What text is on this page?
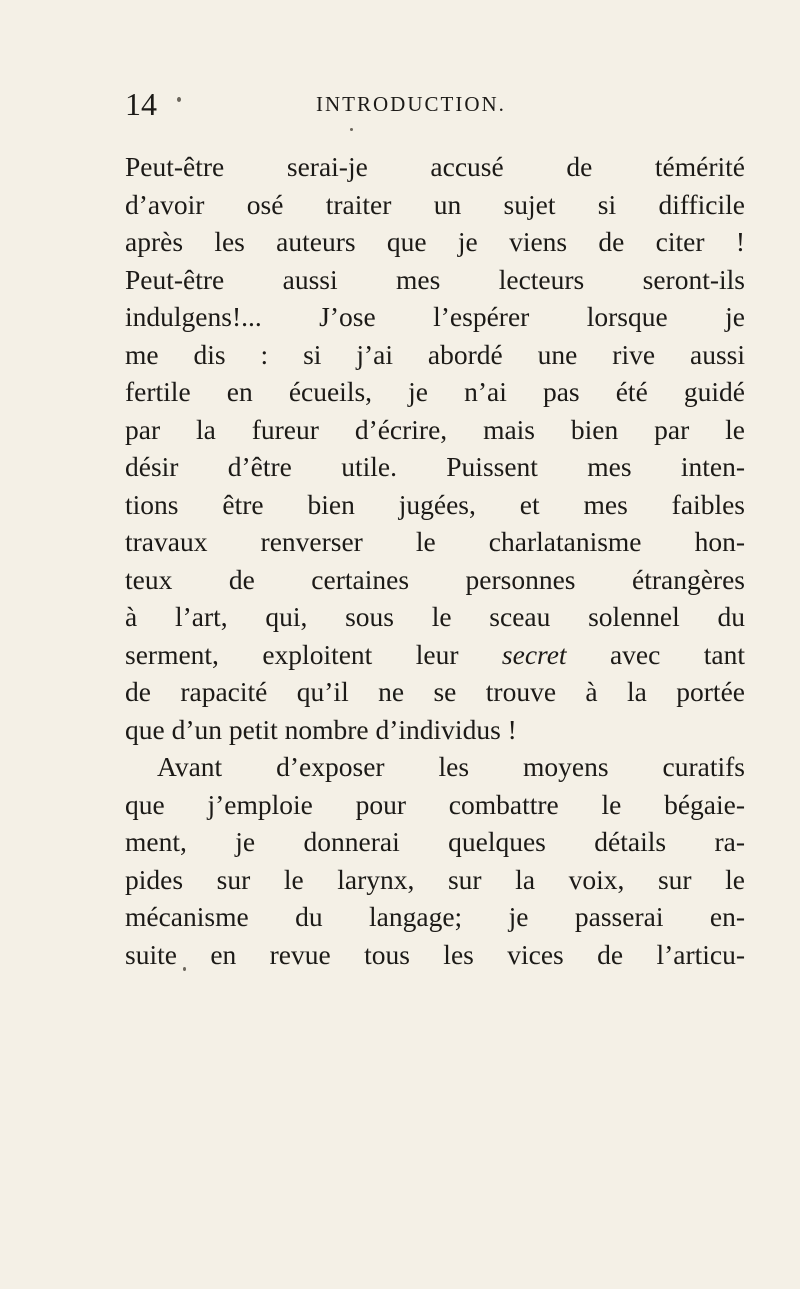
14	INTRODUCTION.
Peut-être serai-je accusé de témérité
d’avoir osé traiter un sujet si difficile
après les auteurs que je viens de citer !
Peut-être aussi mes lecteurs seront-ils
indulgens!... J’ose l’espérer lorsque je
me dis : si j’ai abordé une rive aussi
fertile en écueils, je n’ai pas été guidé
par la fureur d’écrire, mais bien par le
désir d’être utile. Puissent mes inten-
tions être bien jugées, et mes faibles
travaux renverser le charlatanisme hon-
teux de certaines personnes étrangères
à l’art, qui, sous le sceau solennel du
serment, exploitent leur secret avec tant
de rapacité qu’il ne se trouve à la portée
que d’un petit nombre d’individus !
Avant d’exposer les moyens curatifs
que j’emploie pour combattre le bégaie-
ment, je donnerai quelques détails ra-
pides sur le larynx, sur la voix, sur le
mécanisme du langage; je passerai en-
suite en revue tous les vices de l’articu-
